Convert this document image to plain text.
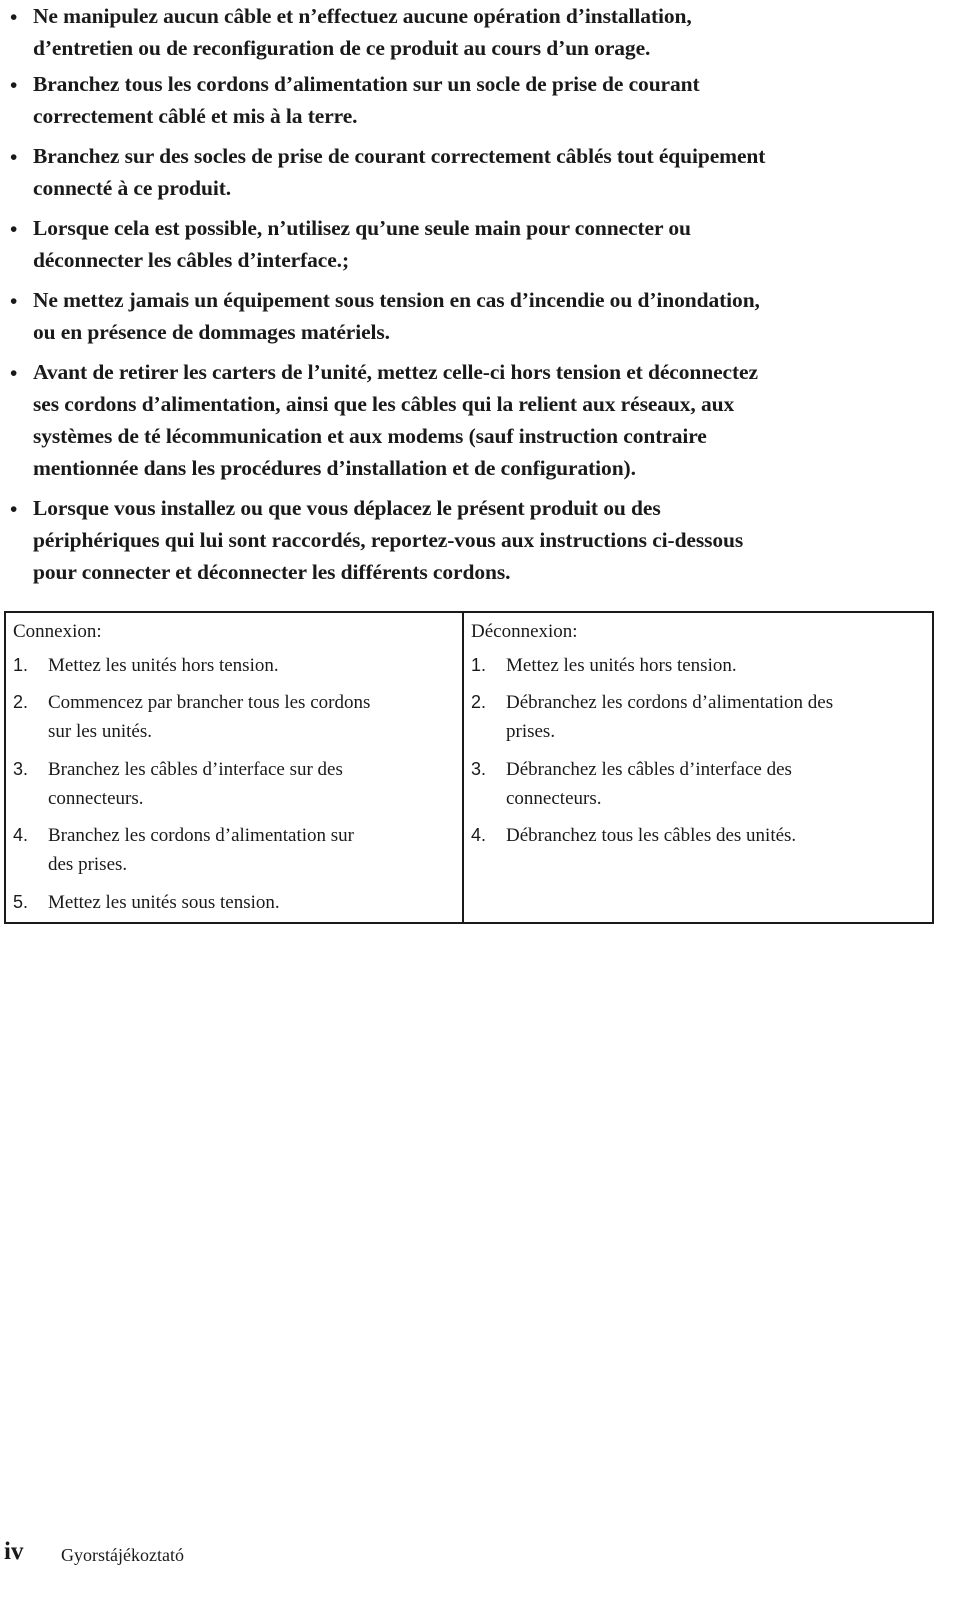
• Ne manipulez aucun câble et n’effectuez aucune opération d’installation,
d’entretien ou de reconfiguration de ce produit au cours d’un orage.
• Branchez tous les cordons d’alimentation sur un socle de prise de courant
correctement câblé et mis à la terre.
• Branchez sur des socles de prise de courant correctement câblés tout équipement
connecté à ce produit.
• Lorsque cela est possible, n’utilisez qu’une seule main pour connecter ou
déconnecter les câbles d’interface.;
• Ne mettez jamais un équipement sous tension en cas d’incendie ou d’inondation,
ou en présence de dommages matériels.
• Avant de retirer les carters de l’unité, mettez celle-ci hors tension et déconnectez
ses cordons d’alimentation, ainsi que les câbles qui la relient aux réseaux, aux
systèmes de té lécommunication et aux modems (sauf instruction contraire
mentionnée dans les procédures d’installation et de configuration).
• Lorsque vous installez ou que vous déplacez le présent produit ou des
périphériques qui lui sont raccordés, reportez-vous aux instructions ci-dessous
pour connecter et déconnecter les différents cordons.
Connexion:
1. Mettez les unités hors tension.
2. Commencez par brancher tous les cordons
sur les unités.
3. Branchez les câbles d’interface sur des
connecteurs.
4. Branchez les cordons d’alimentation sur
des prises.
5. Mettez les unités sous tension.
Déconnexion:
1. Mettez les unités hors tension.
2. Débranchez les cordons d’alimentation des
prises.
3. Débranchez les câbles d’interface des
connecteurs.
4. Débranchez tous les câbles des unités.
iv Gyorstájékoztató
